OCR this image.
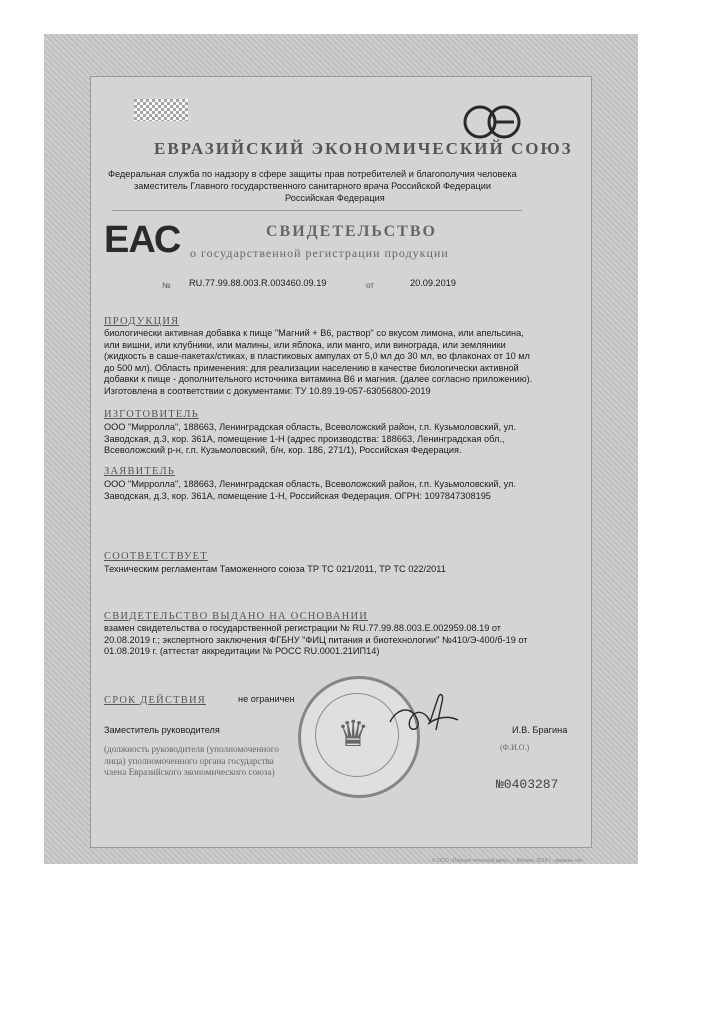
ЕВРАЗИЙСКИЙ ЭКОНОМИЧЕСКИЙ СОЮЗ
Федеральная служба по надзору в сфере защиты прав потребителей и благополучия человека
заместитель Главного государственного санитарного врача Российской Федерации
Российская Федерация
ЕАС	СВИДЕТЕЛЬСТВО
о государственной регистрации продукции
№ RU.77.99.88.003.R.003460.09.19	от	20.09.2019
ПРОДУКЦИЯ
биологически активная добавка к пище "Магний + В6, раствор" со вкусом лимона, или апельсина,
или вишни, или клубники, или малины, или яблока, или манго, или винограда, или земляники
(жидкость в саше-пакетах/стиках, в пластиковых ампулах от 5,0 мл до 30 мл, во флаконах от 10 мл
до 500 мл). Область применения: для реализации населению в качестве биологически активной
добавки к пище - дополнительного источника витамина В6 и магния. (далее согласно приложению).
Изготовлена в соответствии с документами: ТУ 10.89.19-057-63056800-2019
ИЗГОТОВИТЕЛЬ
ООО "Мирролла", 188663, Ленинградская область, Всеволожский район, г.п. Кузьмоловский, ул.
Заводская, д.3, кор. 361А, помещение 1-Н (адрес производства: 188663, Ленинградская обл.,
Всеволожский р-н, г.п. Кузьмоловский, б/н, кор. 186, 271/1), Российская Федерация.
ЗАЯВИТЕЛЬ
ООО "Мирролла", 188663, Ленинградская область, Всеволожский район, г.п. Кузьмоловский, ул.
Заводская, д.3, кор. 361А, помещение 1-Н, Российская Федерация. ОГРН: 1097847308195
СООТВЕТСТВУЕТ
Техническим регламентам Таможенного союза ТР ТС 021/2011, ТР ТС 022/2011
СВИДЕТЕЛЬСТВО ВЫДАНО НА ОСНОВАНИИ
взамен свидетельства о государственной регистрации № RU.77.99.88.003.E.002959.08.19 от
20.08.2019 г.; экспертного заключения ФГБНУ "ФИЦ питания и биотехнологии" №410/Э-400/б-19 от
01.08.2019 г. (аттестат аккредитации № РОСС RU.0001.21ИП14)
СРОК ДЕЙСТВИЯ	не ограничен
♛
Заместитель руководителя	И.В. Брагина
(должность руководителя (уполномоченного
лица) уполномоченного органа государства
члена Евразийского экономического союза)
(Ф.И.О.)
№0403287
© ООО «Первый печатный двор», г. Москва, 2019 г., уровень «А»
